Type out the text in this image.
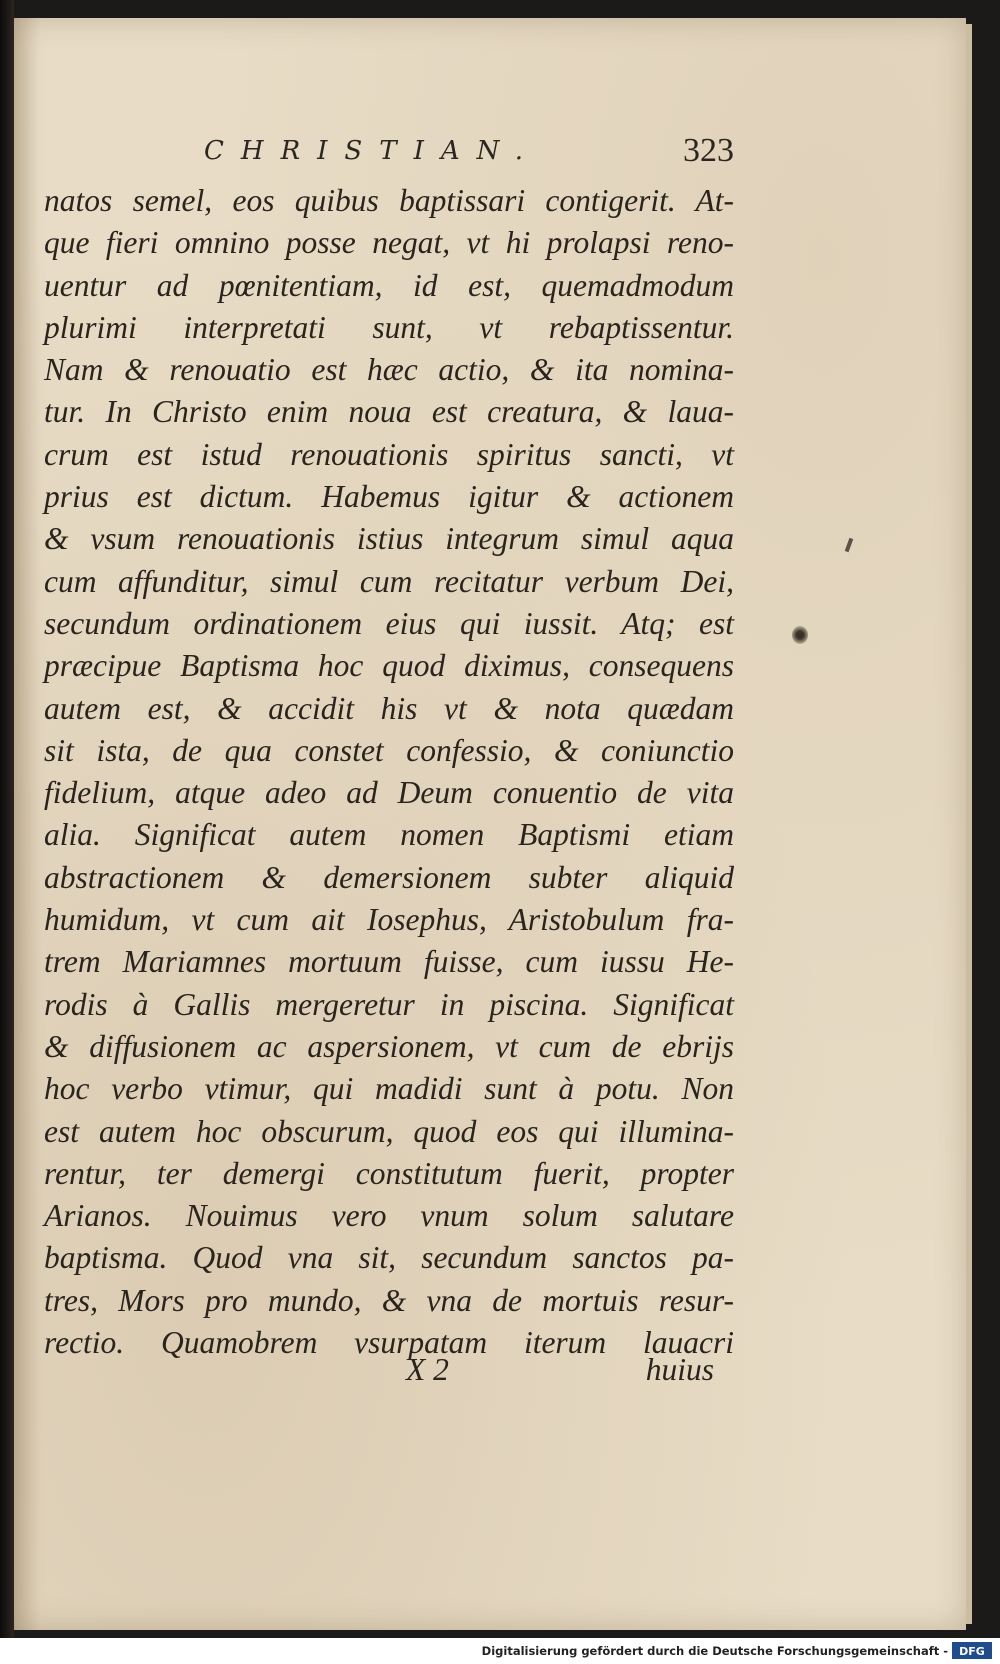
CHRISTIAN.	323
natos semel, eos quibus baptissari contigerit. At-
que fieri omnino posse negat, vt hi prolapsi reno-
uentur ad pœnitentiam, id est, quemadmodum
plurimi interpretati sunt, vt rebaptissentur.
Nam & renouatio est hæc actio, & ita nomina-
tur. In Christo enim noua est creatura, & laua-
crum est istud renouationis spiritus sancti, vt
prius est dictum. Habemus igitur & actionem
& vsum renouationis istius integrum simul aqua
cum affunditur, simul cum recitatur verbum Dei,
secundum ordinationem eius qui iussit. Atq; est
præcipue Baptisma hoc quod diximus, consequens
autem est, & accidit his vt & nota quædam
sit ista, de qua constet confessio, & coniunctio
fidelium, atque adeo ad Deum conuentio de vita
alia. Significat autem nomen Baptismi etiam
abstractionem & demersionem subter aliquid
humidum, vt cum ait Iosephus, Aristobulum fra-
trem Mariamnes mortuum fuisse, cum iussu He-
rodis à Gallis mergeretur in piscina. Significat
& diffusionem ac aspersionem, vt cum de ebrijs
hoc verbo vtimur, qui madidi sunt à potu. Non
est autem hoc obscurum, quod eos qui illumina-
rentur, ter demergi constitutum fuerit, propter
Arianos. Nouimus vero vnum solum salutare
baptisma. Quod vna sit, secundum sanctos pa-
tres, Mors pro mundo, & vna de mortuis resur-
rectio. Quamobrem vsurpatam iterum lauacri
X 2	huius
Digitalisierung gefördert durch die Deutsche Forschungsgemeinschaft -	DFG
